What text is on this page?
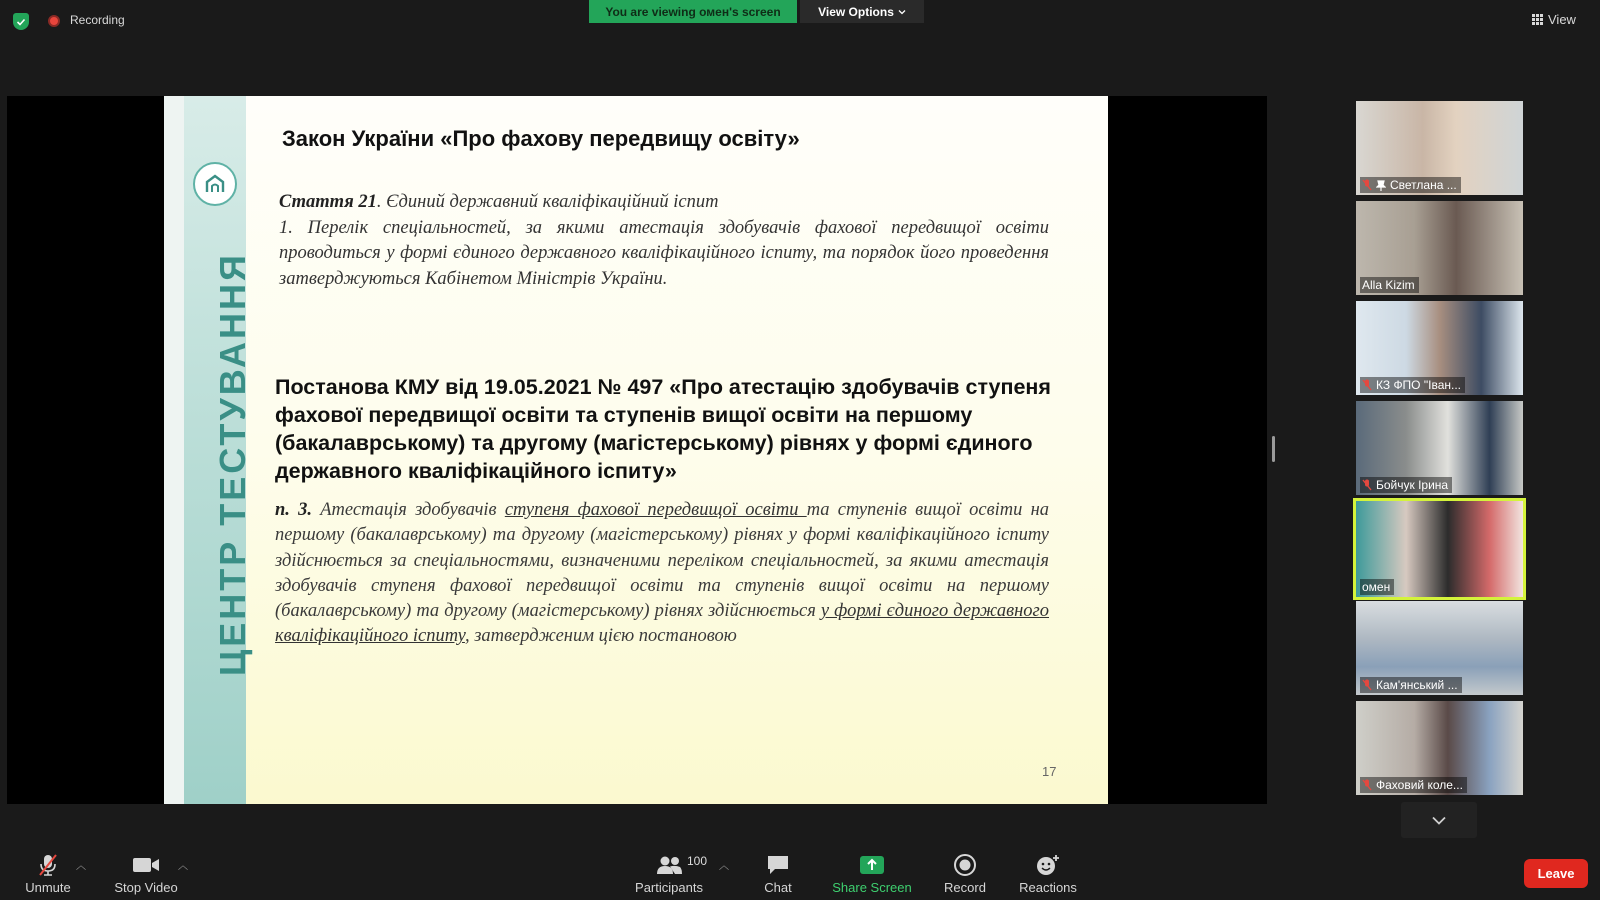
Recording
You are viewing омен's screen	View Options	View
ЦЕНТР ТЕСТУВАННЯ
Закон України «Про фахову передвищу освіту»
Стаття 21. Єдиний державний кваліфікаційний іспит
1. Перелік спеціальностей, за якими атестація здобувачів фахової передвищої освіти проводиться у формі єдиного державного кваліфікаційного іспиту, та порядок його проведення затверджуються Кабінетом Міністрів України.
Постанова КМУ від 19.05.2021 № 497 «Про атестацію здобувачів ступеня фахової передвищої освіти та ступенів вищої освіти на першому (бакалаврському) та другому (магістерському) рівнях у формі єдиного державного кваліфікаційного іспиту»
п. 3. Атестація здобувачів ступеня фахової передвищої освіти та ступенів вищої освіти на першому (бакалаврському) та другому (магістерському) рівнях у формі кваліфікаційного іспиту здійснюється за спеціальностями, визначеними переліком спеціальностей, за якими атестація здобувачів ступеня фахової передвищої освіти та ступенів вищої освіти на першому (бакалаврському) та другому (магістерському) рівнях здійснюється у формі єдиного державного кваліфікаційного іспиту, затвердженим цією постановою
17
Светлана ...
Alla Kizim
КЗ ФПО "Іван...
Бойчук Ірина
омен
Кам'янський ...
Фаховий коле...
Unmute
︿
Stop Video
︿
Participants
100 ︿
Chat	Share Screen Record	Reactions
Leave
